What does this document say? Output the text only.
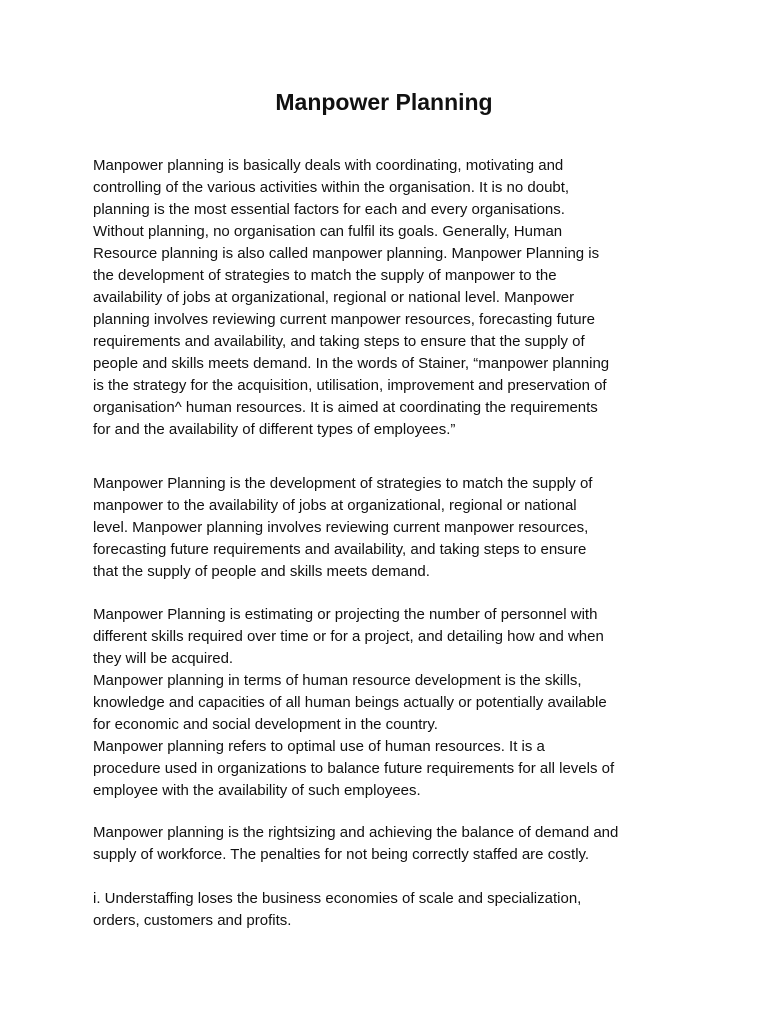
Manpower Planning

Manpower planning is basically deals with coordinating, motivating and
controlling of the various activities within the organisation. It is no doubt,
planning is the most essential factors for each and every organisations.
Without planning, no organisation can fulfil its goals. Generally, Human
Resource planning is also called manpower planning. Manpower Planning is
the development of strategies to match the supply of manpower to the
availability of jobs at organizational, regional or national level. Manpower
planning involves reviewing current manpower resources, forecasting future
requirements and availability, and taking steps to ensure that the supply of
people and skills meets demand. In the words of Stainer, “manpower planning
is the strategy for the acquisition, utilisation, improvement and preservation of
organisation^ human resources. It is aimed at coordinating the requirements
for and the availability of different types of employees.”

Manpower Planning is the development of strategies to match the supply of
manpower to the availability of jobs at organizational, regional or national
level. Manpower planning involves reviewing current manpower resources,
forecasting future requirements and availability, and taking steps to ensure
that the supply of people and skills meets demand.

Manpower Planning is estimating or projecting the number of personnel with
different skills required over time or for a project, and detailing how and when
they will be acquired.
Manpower planning in terms of human resource development is the skills,
knowledge and capacities of all human beings actually or potentially available
for economic and social development in the country.
Manpower planning refers to optimal use of human resources. It is a
procedure used in organizations to balance future requirements for all levels of
employee with the availability of such employees.

Manpower planning is the rightsizing and achieving the balance of demand and
supply of workforce. The penalties for not being correctly staffed are costly.

i. Understaffing loses the business economies of scale and specialization,
orders, customers and profits.
